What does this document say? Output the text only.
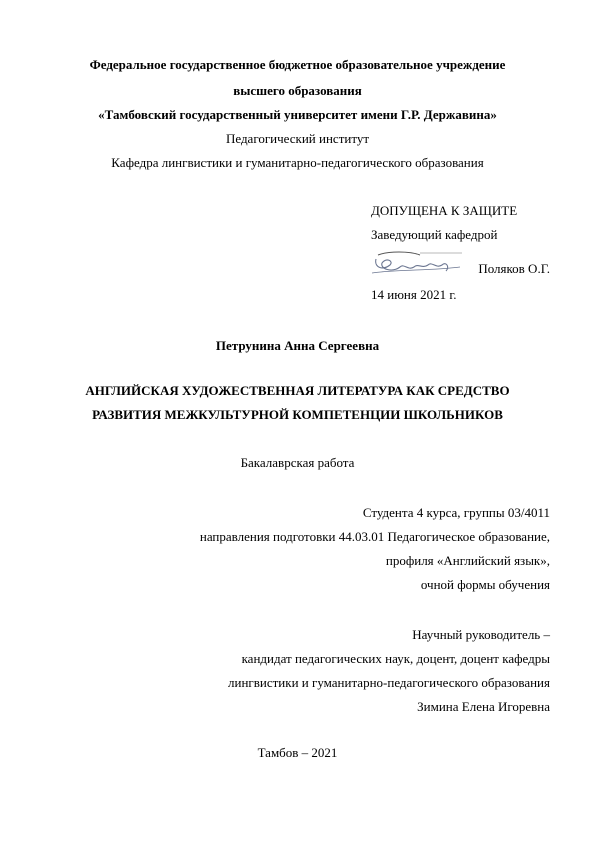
Федеральное государственное бюджетное образовательное учреждение
высшего образования
«Тамбовский государственный университет имени Г.Р. Державина»
Педагогический институт
Кафедра лингвистики и гуманитарно-педагогического образования
ДОПУЩЕНА К ЗАЩИТЕ
Заведующий кафедрой
Поляков О.Г.
14 июня 2021 г.
Петрунина Анна Сергеевна
АНГЛИЙСКАЯ ХУДОЖЕСТВЕННАЯ ЛИТЕРАТУРА КАК СРЕДСТВО
РАЗВИТИЯ МЕЖКУЛЬТУРНОЙ КОМПЕТЕНЦИИ ШКОЛЬНИКОВ
Бакалаврская работа
Студента 4 курса, группы 03/4011
направления подготовки 44.03.01 Педагогическое образование,
профиля «Английский язык»,
очной формы обучения
Научный руководитель –
кандидат педагогических наук, доцент, доцент кафедры
лингвистики и гуманитарно-педагогического образования
Зимина Елена Игоревна
Тамбов – 2021
